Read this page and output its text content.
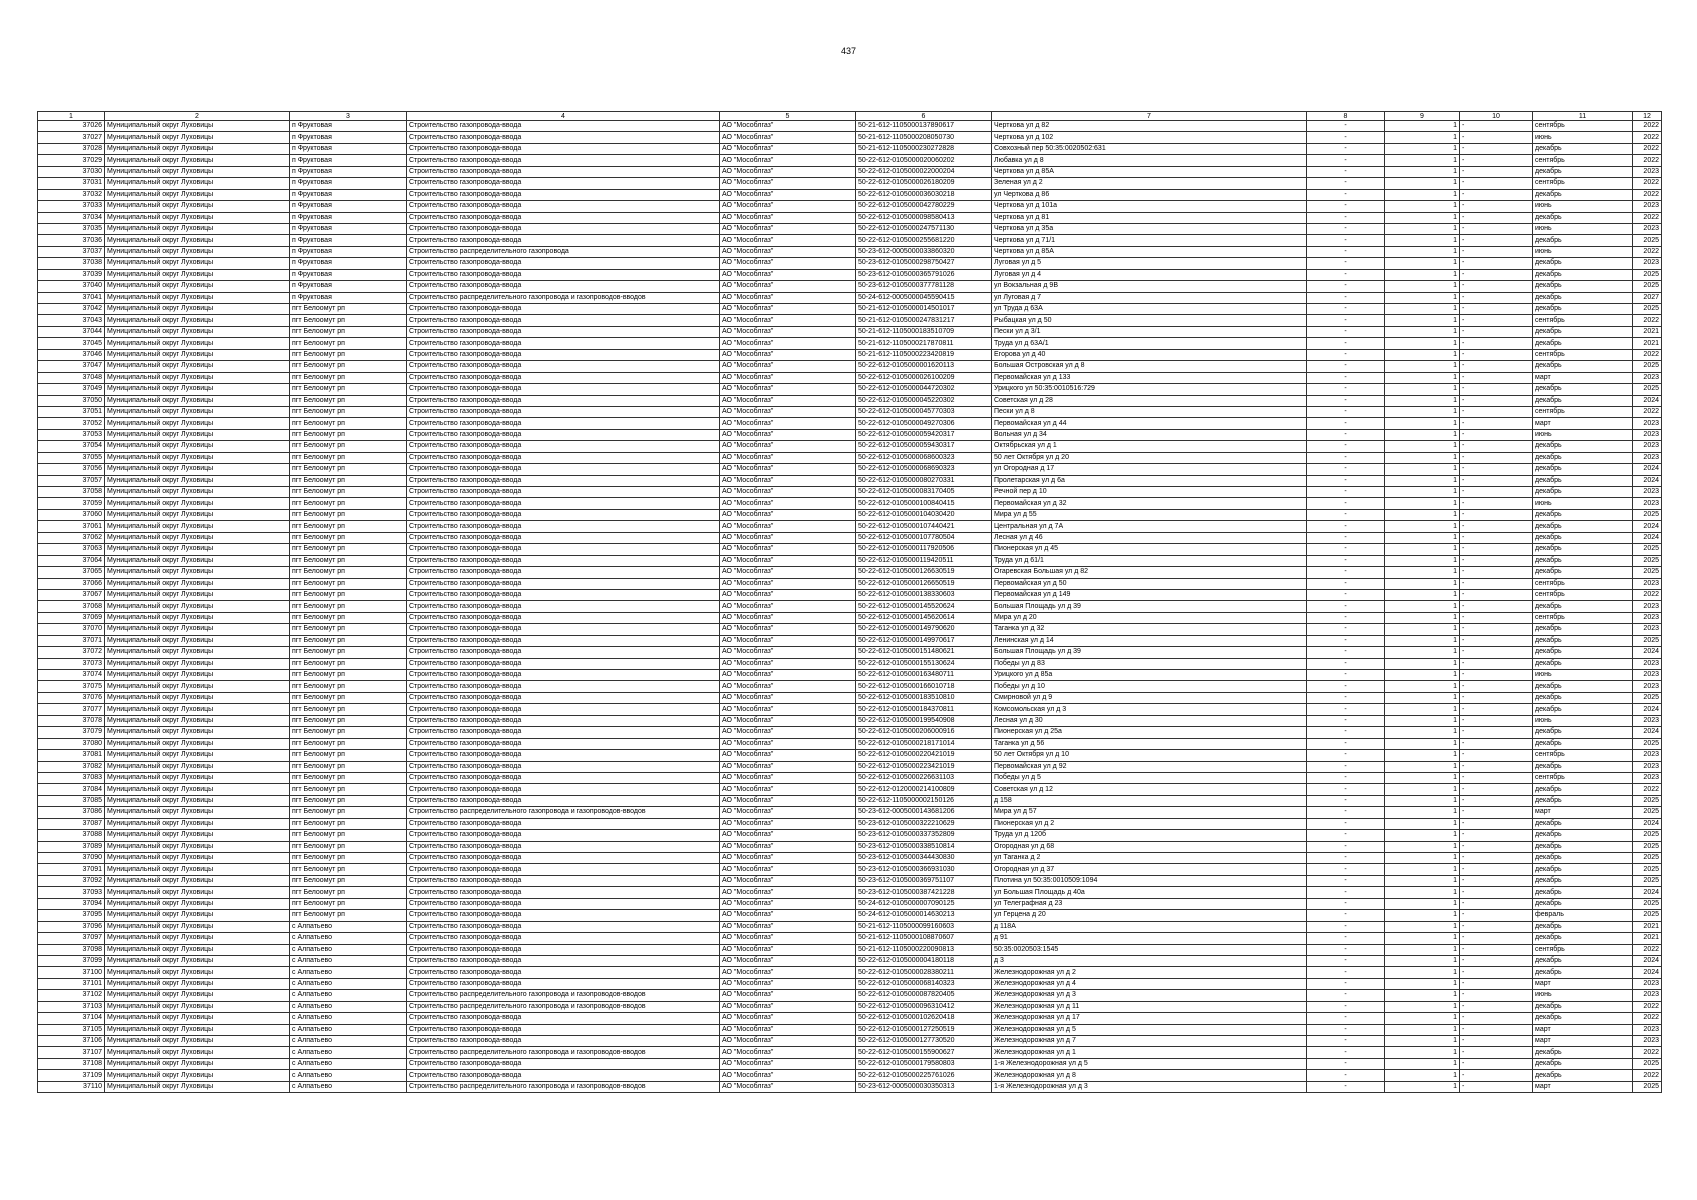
437
1	2	3	4	5	6	7	8	9	10	11	12
37026	Муниципальный округ Луховицы	п Фруктовая	Строительство газопровода-ввода	АО "Мособлгаз"	50-21-612-1105000137890617	Черткова ул д 82	-	1	-	сентябрь	2022
37027	Муниципальный округ Луховицы	п Фруктовая	Строительство газопровода-ввода	АО "Мособлгаз"	50-21-612-1105000208050730	Черткова ул д 102	-	1	-	июнь	2022
37028	Муниципальный округ Луховицы	п Фруктовая	Строительство газопровода-ввода	АО "Мособлгаз"	50-21-612-1105000230272828	Совхозный пер 50:35:0020502:631	-	1	-	декабрь	2022
37029	Муниципальный округ Луховицы	п Фруктовая	Строительство газопровода-ввода	АО "Мособлгаз"	50-22-612-0105000020060202	Любавка ул д 8	-	1	-	сентябрь	2022
37030	Муниципальный округ Луховицы	п Фруктовая	Строительство газопровода-ввода	АО "Мособлгаз"	50-22-612-0105000022000204	Черткова ул д 85А	-	1	-	декабрь	2023
37031	Муниципальный округ Луховицы	п Фруктовая	Строительство газопровода-ввода	АО "Мособлгаз"	50-22-612-0105000026180209	Зеленая ул д 2	-	1	-	сентябрь	2022
37032	Муниципальный округ Луховицы	п Фруктовая	Строительство газопровода-ввода	АО "Мособлгаз"	50-22-612-0105000036030218	ул Черткова д 86	-	1	-	декабрь	2022
37033	Муниципальный округ Луховицы	п Фруктовая	Строительство газопровода-ввода	АО "Мособлгаз"	50-22-612-0105000042780229	Черткова ул д 101а	-	1	-	июнь	2023
37034	Муниципальный округ Луховицы	п Фруктовая	Строительство газопровода-ввода	АО "Мособлгаз"	50-22-612-0105000098580413	Черткова ул д 81	-	1	-	декабрь	2022
37035	Муниципальный округ Луховицы	п Фруктовая	Строительство газопровода-ввода	АО "Мособлгаз"	50-22-612-0105000247571130	Черткова ул д 35а	-	1	-	июнь	2023
37036	Муниципальный округ Луховицы	п Фруктовая	Строительство газопровода-ввода	АО "Мособлгаз"	50-22-612-0105000255681220	Черткова ул д 71/1	-	1	-	декабрь	2025
37037	Муниципальный округ Луховицы	п Фруктовая	Строительство распределительного газопровода	АО "Мособлгаз"	50-23-612-0005000033860320	Черткова ул д 85А	-	1	-	июнь	2022
37038	Муниципальный округ Луховицы	п Фруктовая	Строительство газопровода-ввода	АО "Мособлгаз"	50-23-612-0105000298750427	Луговая ул д 5	-	1	-	декабрь	2023
37039	Муниципальный округ Луховицы	п Фруктовая	Строительство газопровода-ввода	АО "Мособлгаз"	50-23-612-0105000365791026	Луговая ул д 4	-	1	-	декабрь	2025
37040	Муниципальный округ Луховицы	п Фруктовая	Строительство газопровода-ввода	АО "Мособлгаз"	50-23-612-0105000377781128	ул Вокзальная д 9В	-	1	-	декабрь	2025
37041	Муниципальный округ Луховицы	п Фруктовая	Строительство распределительного газопровода и газопроводов-вводов	АО "Мособлгаз"	50-24-612-0005000045590415	ул Луговая д 7	-	1	-	декабрь	2027
37042	Муниципальный округ Луховицы	пгт Белоомут рп	Строительство газопровода-ввода	АО "Мособлгаз"	50-21-612-0105000014501017	ул Труда д 63А	-	1	-	декабрь	2025
37043	Муниципальный округ Луховицы	пгт Белоомут рп	Строительство газопровода-ввода	АО "Мособлгаз"	50-21-612-0105000247831217	Рыбацкая ул д 50	-	1	-	сентябрь	2022
37044	Муниципальный округ Луховицы	пгт Белоомут рп	Строительство газопровода-ввода	АО "Мособлгаз"	50-21-612-1105000183510709	Пески ул д 3/1	-	1	-	декабрь	2021
37045	Муниципальный округ Луховицы	пгт Белоомут рп	Строительство газопровода-ввода	АО "Мособлгаз"	50-21-612-1105000217870811	Труда ул д 63А/1	-	1	-	декабрь	2021
37046	Муниципальный округ Луховицы	пгт Белоомут рп	Строительство газопровода-ввода	АО "Мособлгаз"	50-21-612-1105000223420819	Егорова ул д 40	-	1	-	сентябрь	2022
37047	Муниципальный округ Луховицы	пгт Белоомут рп	Строительство газопровода-ввода	АО "Мособлгаз"	50-22-612-0105000001620113	Большая Островская ул д 8	-	1	-	декабрь	2025
37048	Муниципальный округ Луховицы	пгт Белоомут рп	Строительство газопровода-ввода	АО "Мособлгаз"	50-22-612-0105000026100209	Первомайская ул д 133	-	1	-	март	2023
37049	Муниципальный округ Луховицы	пгт Белоомут рп	Строительство газопровода-ввода	АО "Мособлгаз"	50-22-612-0105000044720302	Урицкого ул 50:35:0010516:729	-	1	-	декабрь	2025
37050	Муниципальный округ Луховицы	пгт Белоомут рп	Строительство газопровода-ввода	АО "Мособлгаз"	50-22-612-0105000045220302	Советская ул д 28	-	1	-	декабрь	2024
37051	Муниципальный округ Луховицы	пгт Белоомут рп	Строительство газопровода-ввода	АО "Мособлгаз"	50-22-612-0105000045770303	Пески ул д 8	-	1	-	сентябрь	2022
37052	Муниципальный округ Луховицы	пгт Белоомут рп	Строительство газопровода-ввода	АО "Мособлгаз"	50-22-612-0105000049270306	Первомайская ул д 44	-	1	-	март	2023
37053	Муниципальный округ Луховицы	пгт Белоомут рп	Строительство газопровода-ввода	АО "Мособлгаз"	50-22-612-0105000059420317	Вольная ул д 34	-	1	-	июнь	2023
37054	Муниципальный округ Луховицы	пгт Белоомут рп	Строительство газопровода-ввода	АО "Мособлгаз"	50-22-612-0105000059430317	Октябрьская ул д 1	-	1	-	декабрь	2023
37055	Муниципальный округ Луховицы	пгт Белоомут рп	Строительство газопровода-ввода	АО "Мособлгаз"	50-22-612-0105000068600323	50 лет Октября ул д 20	-	1	-	декабрь	2023
37056	Муниципальный округ Луховицы	пгт Белоомут рп	Строительство газопровода-ввода	АО "Мособлгаз"	50-22-612-0105000068690323	ул Огородная д 17	-	1	-	декабрь	2024
37057	Муниципальный округ Луховицы	пгт Белоомут рп	Строительство газопровода-ввода	АО "Мособлгаз"	50-22-612-0105000080270331	Пролетарская ул д 6а	-	1	-	декабрь	2024
37058	Муниципальный округ Луховицы	пгт Белоомут рп	Строительство газопровода-ввода	АО "Мособлгаз"	50-22-612-0105000083170405	Речной пер д 10	-	1	-	декабрь	2023
37059	Муниципальный округ Луховицы	пгт Белоомут рп	Строительство газопровода-ввода	АО "Мособлгаз"	50-22-612-0105000100840415	Первомайская ул д 32	-	1	-	июнь	2023
37060	Муниципальный округ Луховицы	пгт Белоомут рп	Строительство газопровода-ввода	АО "Мособлгаз"	50-22-612-0105000104030420	Мира ул д 55	-	1	-	декабрь	2025
37061	Муниципальный округ Луховицы	пгт Белоомут рп	Строительство газопровода-ввода	АО "Мособлгаз"	50-22-612-0105000107440421	Центральная ул д 7А	-	1	-	декабрь	2024
37062	Муниципальный округ Луховицы	пгт Белоомут рп	Строительство газопровода-ввода	АО "Мособлгаз"	50-22-612-0105000107780504	Лесная ул д 46	-	1	-	декабрь	2024
37063	Муниципальный округ Луховицы	пгт Белоомут рп	Строительство газопровода-ввода	АО "Мособлгаз"	50-22-612-0105000117920506	Пионерская ул д 45	-	1	-	декабрь	2025
37064	Муниципальный округ Луховицы	пгт Белоомут рп	Строительство газопровода-ввода	АО "Мособлгаз"	50-22-612-0105000119420511	Труда ул д 61/1	-	1	-	декабрь	2025
37065	Муниципальный округ Луховицы	пгт Белоомут рп	Строительство газопровода-ввода	АО "Мособлгаз"	50-22-612-0105000126630519	Огаревская Большая ул д 82	-	1	-	декабрь	2025
37066	Муниципальный округ Луховицы	пгт Белоомут рп	Строительство газопровода-ввода	АО "Мособлгаз"	50-22-612-0105000126650519	Первомайская ул д 50	-	1	-	сентябрь	2023
37067	Муниципальный округ Луховицы	пгт Белоомут рп	Строительство газопровода-ввода	АО "Мособлгаз"	50-22-612-0105000138330603	Первомайская ул д 149	-	1	-	сентябрь	2022
37068	Муниципальный округ Луховицы	пгт Белоомут рп	Строительство газопровода-ввода	АО "Мособлгаз"	50-22-612-0105000145520624	Большая Площадь ул д 39	-	1	-	декабрь	2023
37069	Муниципальный округ Луховицы	пгт Белоомут рп	Строительство газопровода-ввода	АО "Мособлгаз"	50-22-612-0105000145620614	Мира ул д 20	-	1	-	сентябрь	2023
37070	Муниципальный округ Луховицы	пгт Белоомут рп	Строительство газопровода-ввода	АО "Мособлгаз"	50-22-612-0105000149790620	Таганка ул д 32	-	1	-	декабрь	2023
37071	Муниципальный округ Луховицы	пгт Белоомут рп	Строительство газопровода-ввода	АО "Мособлгаз"	50-22-612-0105000149970617	Ленинская ул д 14	-	1	-	декабрь	2025
37072	Муниципальный округ Луховицы	пгт Белоомут рп	Строительство газопровода-ввода	АО "Мособлгаз"	50-22-612-0105000151480621	Большая Площадь ул д 39	-	1	-	декабрь	2024
37073	Муниципальный округ Луховицы	пгт Белоомут рп	Строительство газопровода-ввода	АО "Мособлгаз"	50-22-612-0105000155130624	Победы ул д 83	-	1	-	декабрь	2023
37074	Муниципальный округ Луховицы	пгт Белоомут рп	Строительство газопровода-ввода	АО "Мособлгаз"	50-22-612-0105000163480711	Урицкого ул д 85а	-	1	-	июнь	2023
37075	Муниципальный округ Луховицы	пгт Белоомут рп	Строительство газопровода-ввода	АО "Мособлгаз"	50-22-612-0105000166010718	Победы ул д 10	-	1	-	декабрь	2023
37076	Муниципальный округ Луховицы	пгт Белоомут рп	Строительство газопровода-ввода	АО "Мособлгаз"	50-22-612-0105000183510810	Смирновой ул д 9	-	1	-	декабрь	2025
37077	Муниципальный округ Луховицы	пгт Белоомут рп	Строительство газопровода-ввода	АО "Мособлгаз"	50-22-612-0105000184370811	Комсомольская ул д 3	-	1	-	декабрь	2024
37078	Муниципальный округ Луховицы	пгт Белоомут рп	Строительство газопровода-ввода	АО "Мособлгаз"	50-22-612-0105000199540908	Лесная ул д 30	-	1	-	июнь	2023
37079	Муниципальный округ Луховицы	пгт Белоомут рп	Строительство газопровода-ввода	АО "Мособлгаз"	50-22-612-0105000206000916	Пионерская ул д 25а	-	1	-	декабрь	2024
37080	Муниципальный округ Луховицы	пгт Белоомут рп	Строительство газопровода-ввода	АО "Мособлгаз"	50-22-612-0105000218171014	Таганка ул д 56	-	1	-	декабрь	2025
37081	Муниципальный округ Луховицы	пгт Белоомут рп	Строительство газопровода-ввода	АО "Мособлгаз"	50-22-612-0105000220421019	50 лет Октября ул д 10	-	1	-	сентябрь	2023
37082	Муниципальный округ Луховицы	пгт Белоомут рп	Строительство газопровода-ввода	АО "Мособлгаз"	50-22-612-0105000223421019	Первомайская ул д 92	-	1	-	декабрь	2023
37083	Муниципальный округ Луховицы	пгт Белоомут рп	Строительство газопровода-ввода	АО "Мособлгаз"	50-22-612-0105000226631103	Победы ул д 5	-	1	-	сентябрь	2023
37084	Муниципальный округ Луховицы	пгт Белоомут рп	Строительство газопровода-ввода	АО "Мособлгаз"	50-22-612-0120000214100809	Советская ул д 12	-	1	-	декабрь	2022
37085	Муниципальный округ Луховицы	пгт Белоомут рп	Строительство газопровода-ввода	АО "Мособлгаз"	50-22-612-1105000002150126	д 158	-	1	-	декабрь	2025
37086	Муниципальный округ Луховицы	пгт Белоомут рп	Строительство распределительного газопровода и газопроводов-вводов	АО "Мособлгаз"	50-23-612-0005000143681206	Мира ул д 57	-	1	-	март	2025
37087	Муниципальный округ Луховицы	пгт Белоомут рп	Строительство газопровода-ввода	АО "Мособлгаз"	50-23-612-0105000322210629	Пионерская ул д 2	-	1	-	декабрь	2024
37088	Муниципальный округ Луховицы	пгт Белоомут рп	Строительство газопровода-ввода	АО "Мособлгаз"	50-23-612-0105000337352809	Труда ул д 120б	-	1	-	декабрь	2025
37089	Муниципальный округ Луховицы	пгт Белоомут рп	Строительство газопровода-ввода	АО "Мособлгаз"	50-23-612-0105000338510814	Огородная ул д 68	-	1	-	декабрь	2025
37090	Муниципальный округ Луховицы	пгт Белоомут рп	Строительство газопровода-ввода	АО "Мособлгаз"	50-23-612-0105000344430830	ул Таганка д 2	-	1	-	декабрь	2025
37091	Муниципальный округ Луховицы	пгт Белоомут рп	Строительство газопровода-ввода	АО "Мособлгаз"	50-23-612-0105000366931030	Огородная ул д 37	-	1	-	декабрь	2025
37092	Муниципальный округ Луховицы	пгт Белоомут рп	Строительство газопровода-ввода	АО "Мособлгаз"	50-23-612-0105000369751107	Плотина ул 50:35:0010509:1094	-	1	-	декабрь	2025
37093	Муниципальный округ Луховицы	пгт Белоомут рп	Строительство газопровода-ввода	АО "Мособлгаз"	50-23-612-0105000387421228	ул Большая Площадь д 40а	-	1	-	декабрь	2024
37094	Муниципальный округ Луховицы	пгт Белоомут рп	Строительство газопровода-ввода	АО "Мособлгаз"	50-24-612-0105000007090125	ул Телеграфная д 23	-	1	-	декабрь	2025
37095	Муниципальный округ Луховицы	пгт Белоомут рп	Строительство газопровода-ввода	АО "Мособлгаз"	50-24-612-0105000014630213	ул Герцена д 20	-	1	-	февраль	2025
37096	Муниципальный округ Луховицы	с Алпатьево	Строительство газопровода-ввода	АО "Мособлгаз"	50-21-612-1105000099160603	д 118А	-	1	-	декабрь	2021
37097	Муниципальный округ Луховицы	с Алпатьево	Строительство газопровода-ввода	АО "Мособлгаз"	50-21-612-1105000108870607	д 91	-	1	-	декабрь	2021
37098	Муниципальный округ Луховицы	с Алпатьево	Строительство газопровода-ввода	АО "Мособлгаз"	50-21-612-1105000220090813	50:35:0020503:1545	-	1	-	сентябрь	2022
37099	Муниципальный округ Луховицы	с Алпатьево	Строительство газопровода-ввода	АО "Мособлгаз"	50-22-612-0105000004180118	д 3	-	1	-	декабрь	2024
37100	Муниципальный округ Луховицы	с Алпатьево	Строительство газопровода-ввода	АО "Мособлгаз"	50-22-612-0105000028380211	Железнодорожная ул д 2	-	1	-	декабрь	2024
37101	Муниципальный округ Луховицы	с Алпатьево	Строительство газопровода-ввода	АО "Мособлгаз"	50-22-612-0105000068140323	Железнодорожная ул д 4	-	1	-	март	2023
37102	Муниципальный округ Луховицы	с Алпатьево	Строительство распределительного газопровода и газопроводов-вводов	АО "Мособлгаз"	50-22-612-0105000087820405	Железнодорожная ул д 3	-	1	-	июнь	2023
37103	Муниципальный округ Луховицы	с Алпатьево	Строительство распределительного газопровода и газопроводов-вводов	АО "Мособлгаз"	50-22-612-0105000096310412	Железнодорожная ул д 11	-	1	-	декабрь	2022
37104	Муниципальный округ Луховицы	с Алпатьево	Строительство газопровода-ввода	АО "Мособлгаз"	50-22-612-0105000102620418	Железнодорожная ул д 17	-	1	-	декабрь	2022
37105	Муниципальный округ Луховицы	с Алпатьево	Строительство газопровода-ввода	АО "Мособлгаз"	50-22-612-0105000127250519	Железнодорожная ул д 5	-	1	-	март	2023
37106	Муниципальный округ Луховицы	с Алпатьево	Строительство газопровода-ввода	АО "Мособлгаз"	50-22-612-0105000127730520	Железнодорожная ул д 7	-	1	-	март	2023
37107	Муниципальный округ Луховицы	с Алпатьево	Строительство распределительного газопровода и газопроводов-вводов	АО "Мособлгаз"	50-22-612-0105000155900627	Железнодорожная ул д 1	-	1	-	декабрь	2022
37108	Муниципальный округ Луховицы	с Алпатьево	Строительство газопровода-ввода	АО "Мособлгаз"	50-22-612-0105000179580803	1-я Железнодорожная ул д 5	-	1	-	декабрь	2025
37109	Муниципальный округ Луховицы	с Алпатьево	Строительство газопровода-ввода	АО "Мособлгаз"	50-22-612-0105000225761026	Железнодорожная ул д 8	-	1	-	декабрь	2022
37110	Муниципальный округ Луховицы	с Алпатьево	Строительство распределительного газопровода и газопроводов-вводов	АО "Мособлгаз"	50-23-612-0005000030350313	1-я Железнодорожная ул д 3	-	1	-	март	2025
